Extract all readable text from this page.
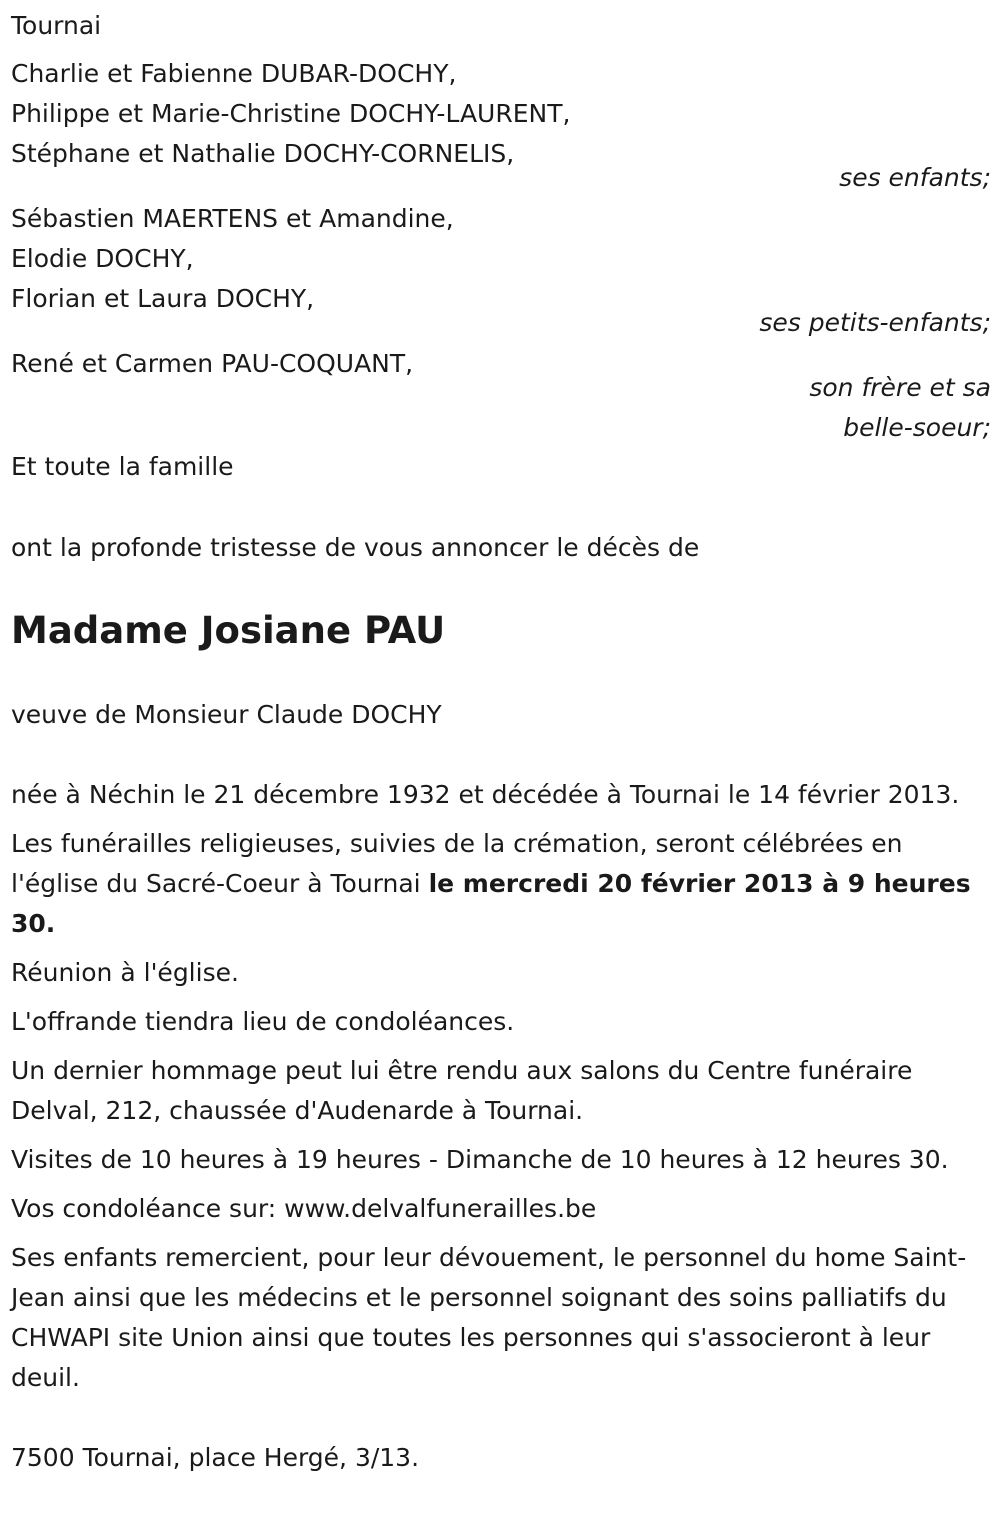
Tournai
Charlie et Fabienne DUBAR-DOCHY,
Philippe et Marie-Christine DOCHY-LAURENT,
Stéphane et Nathalie DOCHY-CORNELIS,
ses enfants;
Sébastien MAERTENS et Amandine,
Elodie DOCHY,
Florian et Laura DOCHY,
ses petits-enfants;
René et Carmen PAU-COQUANT,
son frère et sa
belle-soeur;
Et toute la famille
ont la profonde tristesse de vous annoncer le décès de
Madame Josiane PAU
veuve de Monsieur Claude DOCHY
née à Néchin le 21 décembre 1932 et décédée à Tournai le 14 février 2013.
Les funérailles religieuses, suivies de la crémation, seront célébrées en l'église du Sacré-Coeur à Tournai le mercredi 20 février 2013 à 9 heures 30.
Réunion à l'église.
L'offrande tiendra lieu de condoléances.
Un dernier hommage peut lui être rendu aux salons du Centre funéraire Delval, 212, chaussée d'Audenarde à Tournai.
Visites de 10 heures à 19 heures - Dimanche de 10 heures à 12 heures 30.
Vos condoléance sur: www.delvalfunerailles.be
Ses enfants remercient, pour leur dévouement, le personnel du home Saint-Jean ainsi que les médecins et le personnel soignant des soins palliatifs du CHWAPI site Union ainsi que toutes les personnes qui s'associeront à leur deuil.
7500 Tournai, place Hergé, 3/13.
